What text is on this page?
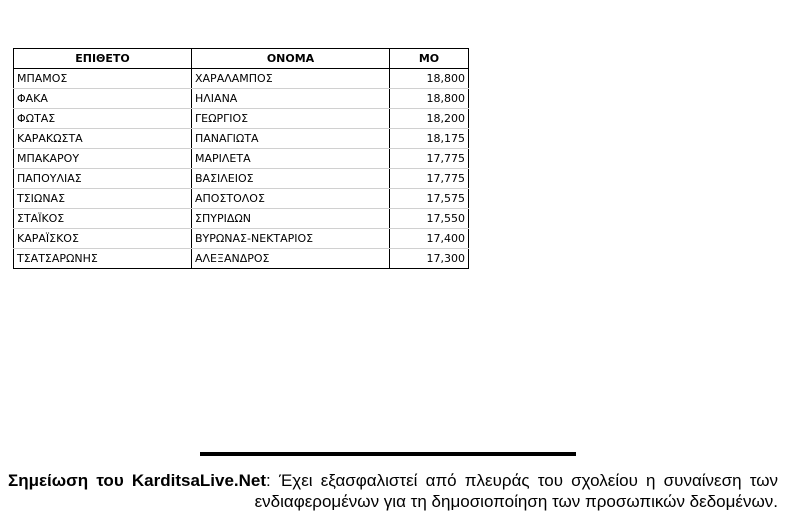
ΕΠΙΘΕΤΟ	ΟΝΟΜΑ	ΜΟ
ΜΠΑΜΟΣ	ΧΑΡΑΛΑΜΠΟΣ	18,800
ΦΑΚΑ	ΗΛΙΑΝΑ	18,800
ΦΩΤΑΣ	ΓΕΩΡΓΙΟΣ	18,200
ΚΑΡΑΚΩΣΤΑ	ΠΑΝΑΓΙΩΤΑ	18,175
ΜΠΑΚΑΡΟΥ	ΜΑΡΙΛΕΤΑ	17,775
ΠΑΠΟΥΛΙΑΣ	ΒΑΣΙΛΕΙΟΣ	17,775
ΤΣΙΩΝΑΣ	ΑΠΟΣΤΟΛΟΣ	17,575
ΣΤΑΪΚΟΣ	ΣΠΥΡΙΔΩΝ	17,550
ΚΑΡΑΪΣΚΟΣ	ΒΥΡΩΝΑΣ-ΝΕΚΤΑΡΙΟΣ	17,400
ΤΣΑΤΣΑΡΩΝΗΣ	ΑΛΕΞΑΝΔΡΟΣ	17,300

Σημείωση του KarditsaLive.Net: Έχει εξασφαλιστεί από πλευράς του σχολείου η συναίνεση των ενδιαφερομένων για τη δημοσιοποίηση των προσωπικών δεδομένων.
